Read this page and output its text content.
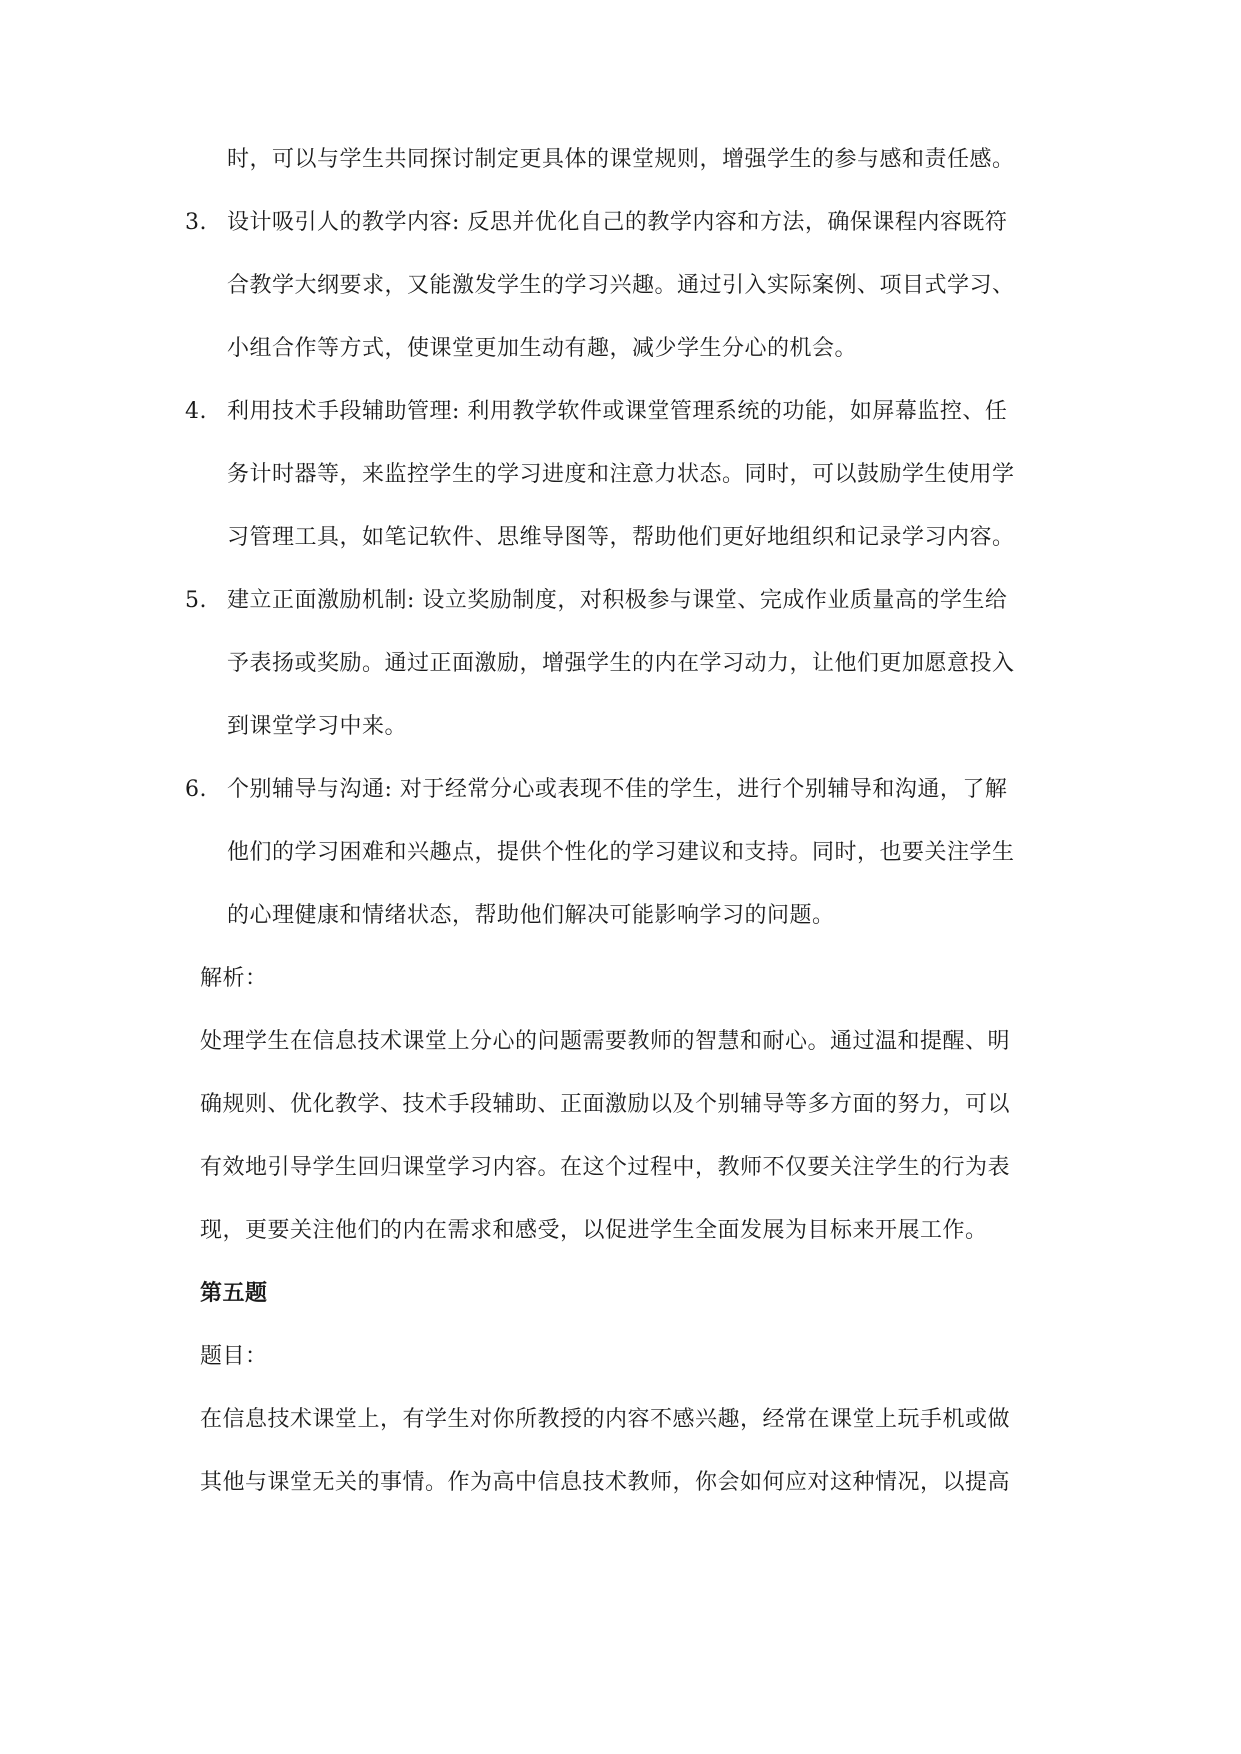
时，可以与学生共同探讨制定更具体的课堂规则，增强学生的参与感和责任感。
3. 设计吸引人的教学内容: 反思并优化自己的教学内容和方法，确保课程内容既符
合教学大纲要求，又能激发学生的学习兴趣。通过引入实际案例、项目式学习、
小组合作等方式，使课堂更加生动有趣，减少学生分心的机会。
4. 利用技术手段辅助管理: 利用教学软件或课堂管理系统的功能，如屏幕监控、任
务计时器等，来监控学生的学习进度和注意力状态。同时，可以鼓励学生使用学
习管理工具，如笔记软件、思维导图等，帮助他们更好地组织和记录学习内容。
5. 建立正面激励机制: 设立奖励制度，对积极参与课堂、完成作业质量高的学生给
予表扬或奖励。通过正面激励，增强学生的内在学习动力，让他们更加愿意投入
到课堂学习中来。
6. 个别辅导与沟通: 对于经常分心或表现不佳的学生，进行个别辅导和沟通，了解
他们的学习困难和兴趣点，提供个性化的学习建议和支持。同时，也要关注学生
的心理健康和情绪状态，帮助他们解决可能影响学习的问题。
解析：
处理学生在信息技术课堂上分心的问题需要教师的智慧和耐心。通过温和提醒、明
确规则、优化教学、技术手段辅助、正面激励以及个别辅导等多方面的努力，可以
有效地引导学生回归课堂学习内容。在这个过程中，教师不仅要关注学生的行为表
现，更要关注他们的内在需求和感受，以促进学生全面发展为目标来开展工作。
第五题
题目：
在信息技术课堂上，有学生对你所教授的内容不感兴趣，经常在课堂上玩手机或做
其他与课堂无关的事情。作为高中信息技术教师，你会如何应对这种情况，以提高
